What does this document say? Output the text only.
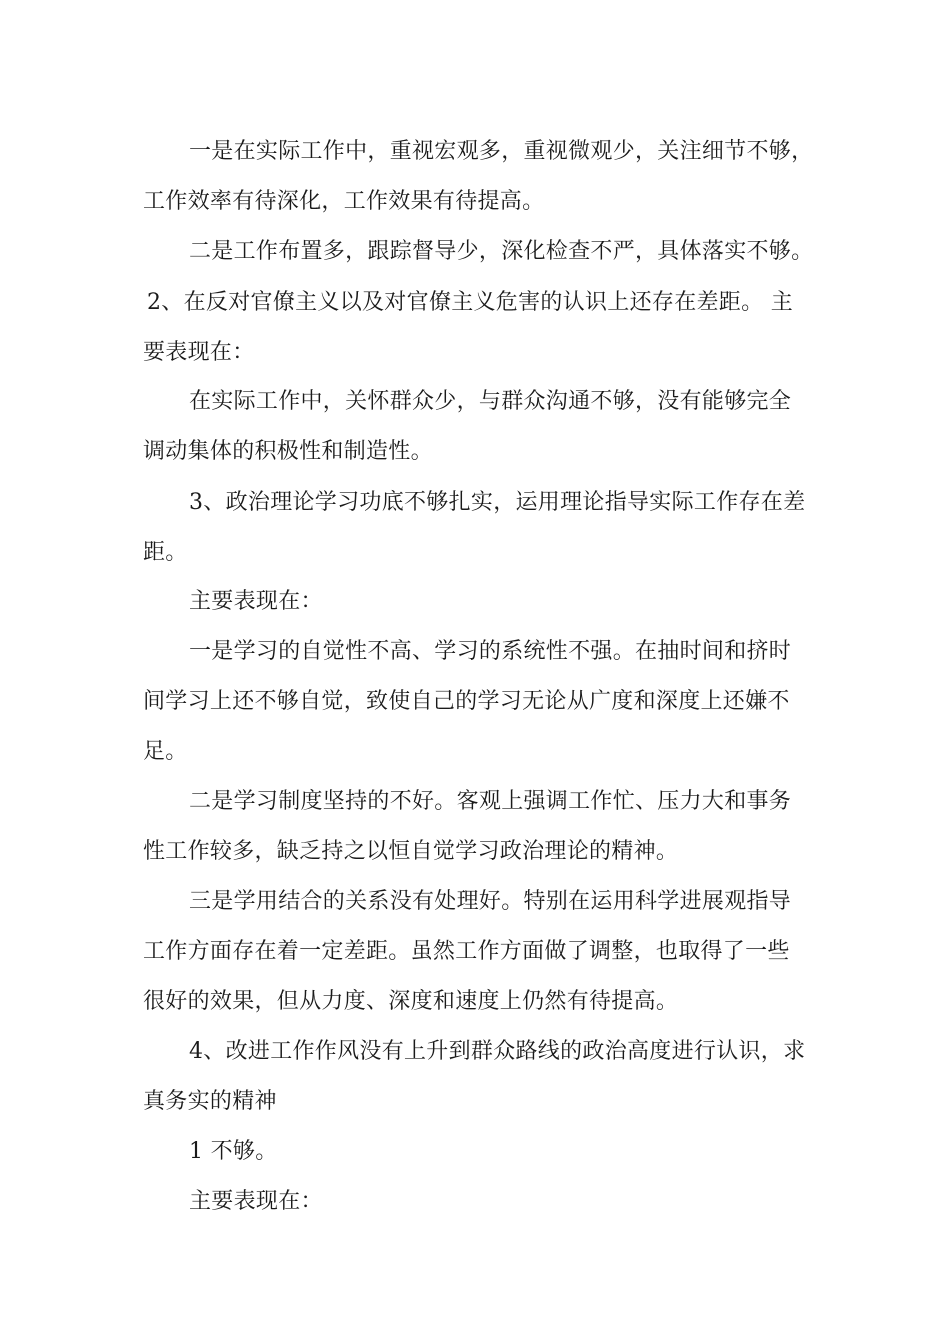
一是在实际工作中，重视宏观多，重视微观少，关注细节不够，

工作效率有待深化，工作效果有待提高。

二是工作布置多，跟踪督导少，深化检查不严，具体落实不够。

2、在反对官僚主义以及对官僚主义危害的认识上还存在差距。 主

要表现在：

在实际工作中，关怀群众少，与群众沟通不够，没有能够完全

调动集体的积极性和制造性。

3、政治理论学习功底不够扎实，运用理论指导实际工作存在差

距。

主要表现在：

一是学习的自觉性不高、学习的系统性不强。在抽时间和挤时

间学习上还不够自觉，致使自己的学习无论从广度和深度上还嫌不

足。

二是学习制度坚持的不好。客观上强调工作忙、压力大和事务

性工作较多，缺乏持之以恒自觉学习政治理论的精神。

三是学用结合的关系没有处理好。特别在运用科学进展观指导

工作方面存在着一定差距。虽然工作方面做了调整，也取得了一些

很好的效果，但从力度、深度和速度上仍然有待提高。

4、改进工作作风没有上升到群众路线的政治高度进行认识，求

真务实的精神

1 不够。

主要表现在：
